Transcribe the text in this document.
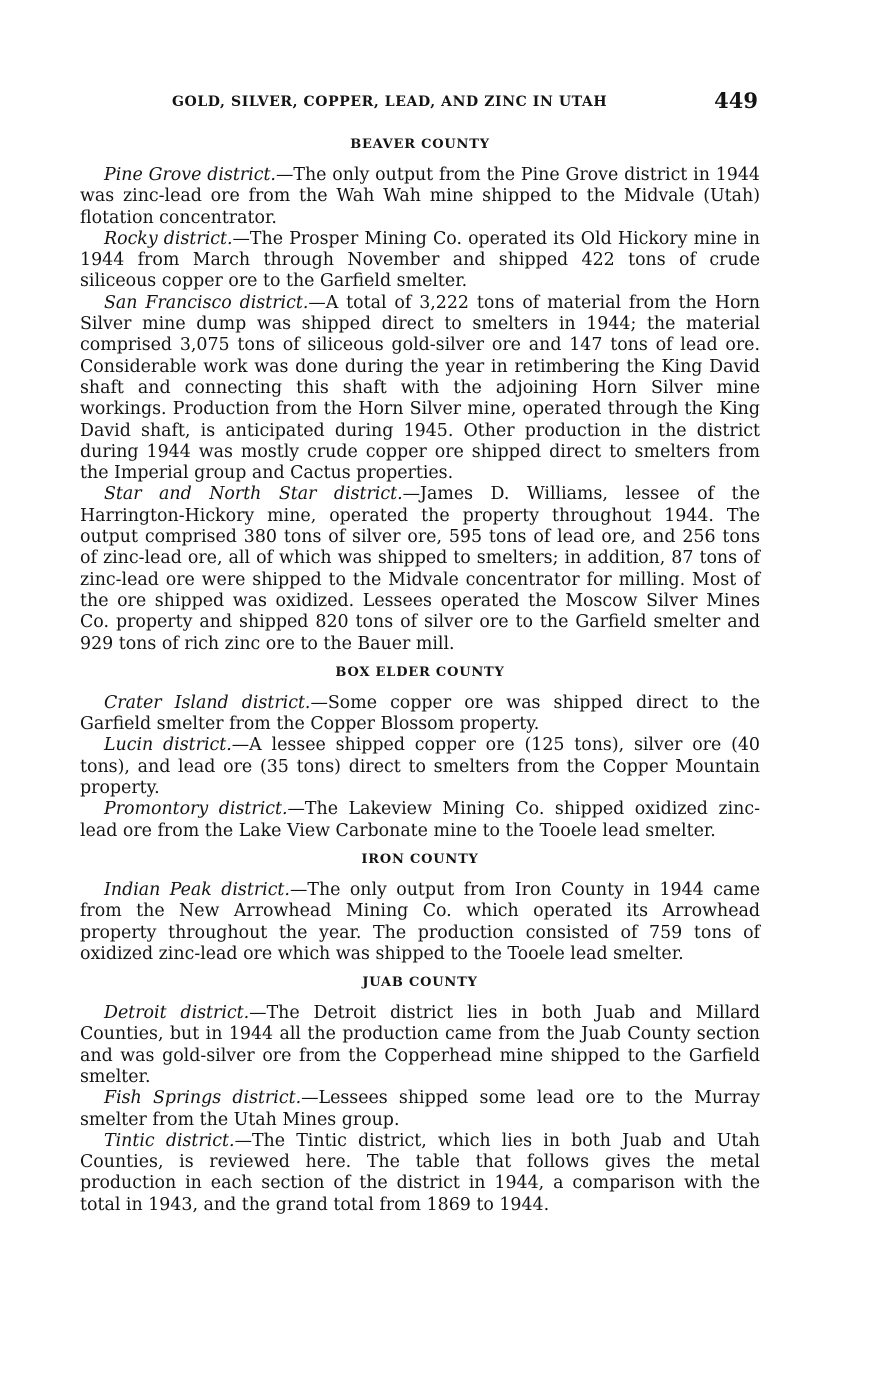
GOLD, SILVER, COPPER, LEAD, AND ZINC IN UTAH	449
BEAVER COUNTY

Pine Grove district.—The only output from the Pine Grove district in 1944 was zinc-lead ore from the Wah Wah mine shipped to the Midvale (Utah) flotation concentrator.

Rocky district.—The Prosper Mining Co. operated its Old Hickory mine in 1944 from March through November and shipped 422 tons of crude siliceous copper ore to the Garfield smelter.

San Francisco district.—A total of 3,222 tons of material from the Horn Silver mine dump was shipped direct to smelters in 1944; the material comprised 3,075 tons of siliceous gold-silver ore and 147 tons of lead ore. Considerable work was done during the year in retimbering the King David shaft and connecting this shaft with the adjoining Horn Silver mine workings. Production from the Horn Silver mine, operated through the King David shaft, is anticipated during 1945. Other production in the district during 1944 was mostly crude copper ore shipped direct to smelters from the Imperial group and Cactus properties.

Star and North Star district.—James D. Williams, lessee of the Harrington-Hickory mine, operated the property throughout 1944. The output comprised 380 tons of silver ore, 595 tons of lead ore, and 256 tons of zinc-lead ore, all of which was shipped to smelters; in addition, 87 tons of zinc-lead ore were shipped to the Midvale concentrator for milling. Most of the ore shipped was oxidized. Lessees operated the Moscow Silver Mines Co. property and shipped 820 tons of silver ore to the Garfield smelter and 929 tons of rich zinc ore to the Bauer mill.

BOX ELDER COUNTY

Crater Island district.—Some copper ore was shipped direct to the Garfield smelter from the Copper Blossom property.

Lucin district.—A lessee shipped copper ore (125 tons), silver ore (40 tons), and lead ore (35 tons) direct to smelters from the Copper Mountain property.

Promontory district.—The Lakeview Mining Co. shipped oxidized zinc-lead ore from the Lake View Carbonate mine to the Tooele lead smelter.

IRON COUNTY

Indian Peak district.—The only output from Iron County in 1944 came from the New Arrowhead Mining Co. which operated its Arrowhead property throughout the year. The production consisted of 759 tons of oxidized zinc-lead ore which was shipped to the Tooele lead smelter.

JUAB COUNTY

Detroit district.—The Detroit district lies in both Juab and Millard Counties, but in 1944 all the production came from the Juab County section and was gold-silver ore from the Copperhead mine shipped to the Garfield smelter.

Fish Springs district.—Lessees shipped some lead ore to the Murray smelter from the Utah Mines group.

Tintic district.—The Tintic district, which lies in both Juab and Utah Counties, is reviewed here. The table that follows gives the metal production in each section of the district in 1944, a comparison with the total in 1943, and the grand total from 1869 to 1944.
